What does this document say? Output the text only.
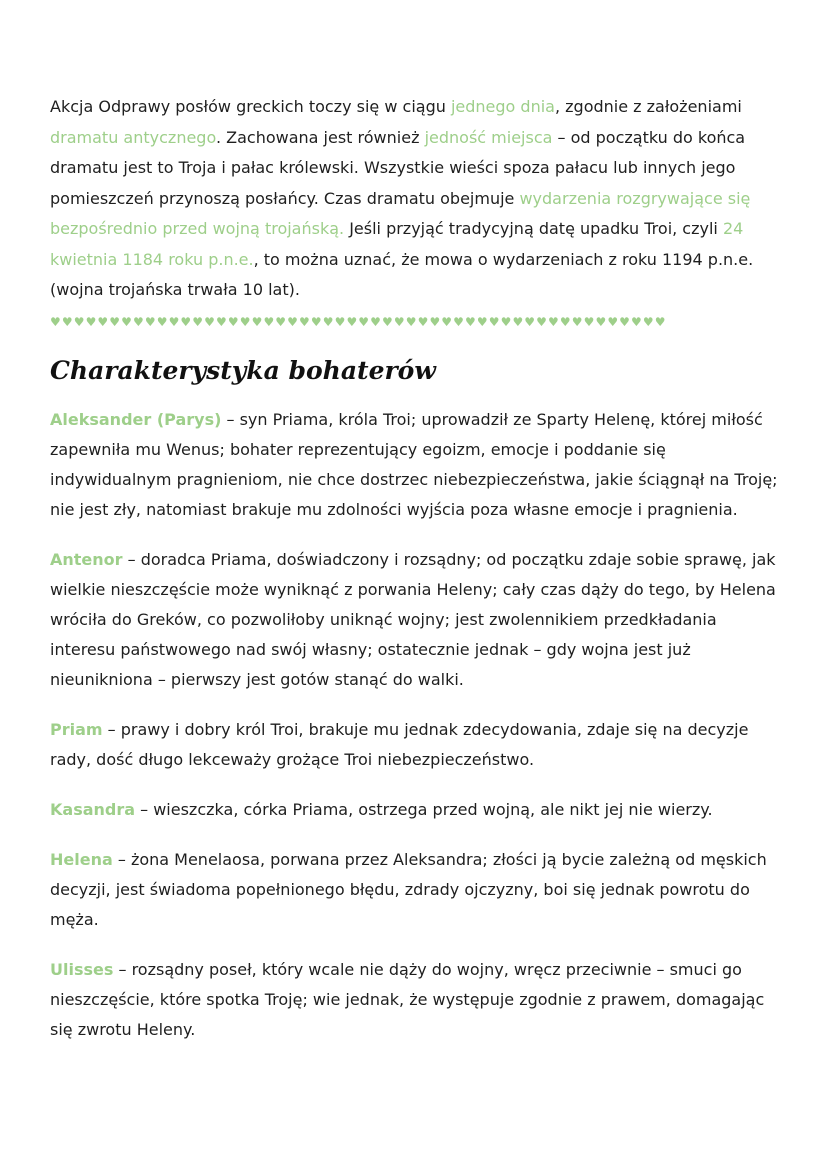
Akcja Odprawy posłów greckich toczy się w ciągu jednego dnia, zgodnie z założeniami dramatu antycznego. Zachowana jest również jedność miejsca – od początku do końca dramatu jest to Troja i pałac królewski. Wszystkie wieści spoza pałacu lub innych jego pomieszczeń przynoszą posłańcy. Czas dramatu obejmuje wydarzenia rozgrywające się bezpośrednio przed wojną trojańską. Jeśli przyjąć tradycyjną datę upadku Troi, czyli 24 kwietnia 1184 roku p.n.e., to można uznać, że mowa o wydarzeniach z roku 1194 p.n.e. (wojna trojańska trwała 10 lat).

♥♥♥♥♥♥♥♥♥♥♥♥♥♥♥♥♥♥♥♥♥♥♥♥♥♥♥♥♥♥♥♥♥♥♥♥♥♥♥♥♥♥♥♥♥♥♥♥♥♥♥♥
Charakterystyka bohaterów

Aleksander (Parys) – syn Priama, króla Troi; uprowadził ze Sparty Helenę, której miłość zapewniła mu Wenus; bohater reprezentujący egoizm, emocje i poddanie się indywidualnym pragnieniom, nie chce dostrzec niebezpieczeństwa, jakie ściągnął na Troję; nie jest zły, natomiast brakuje mu zdolności wyjścia poza własne emocje i pragnienia.

Antenor – doradca Priama, doświadczony i rozsądny; od początku zdaje sobie sprawę, jak wielkie nieszczęście może wyniknąć z porwania Heleny; cały czas dąży do tego, by Helena wróciła do Greków, co pozwoliłoby uniknąć wojny; jest zwolennikiem przedkładania interesu państwowego nad swój własny; ostatecznie jednak – gdy wojna jest już nieunikniona – pierwszy jest gotów stanąć do walki.

Priam – prawy i dobry król Troi, brakuje mu jednak zdecydowania, zdaje się na decyzje rady, dość długo lekceważy grożące Troi niebezpieczeństwo.

Kasandra – wieszczka, córka Priama, ostrzega przed wojną, ale nikt jej nie wierzy.

Helena – żona Menelaosa, porwana przez Aleksandra; złości ją bycie zależną od męskich decyzji, jest świadoma popełnionego błędu, zdrady ojczyzny, boi się jednak powrotu do męża.

Ulisses – rozsądny poseł, który wcale nie dąży do wojny, wręcz przeciwnie – smuci go nieszczęście, które spotka Troję; wie jednak, że występuje zgodnie z prawem, domagając się zwrotu Heleny.
